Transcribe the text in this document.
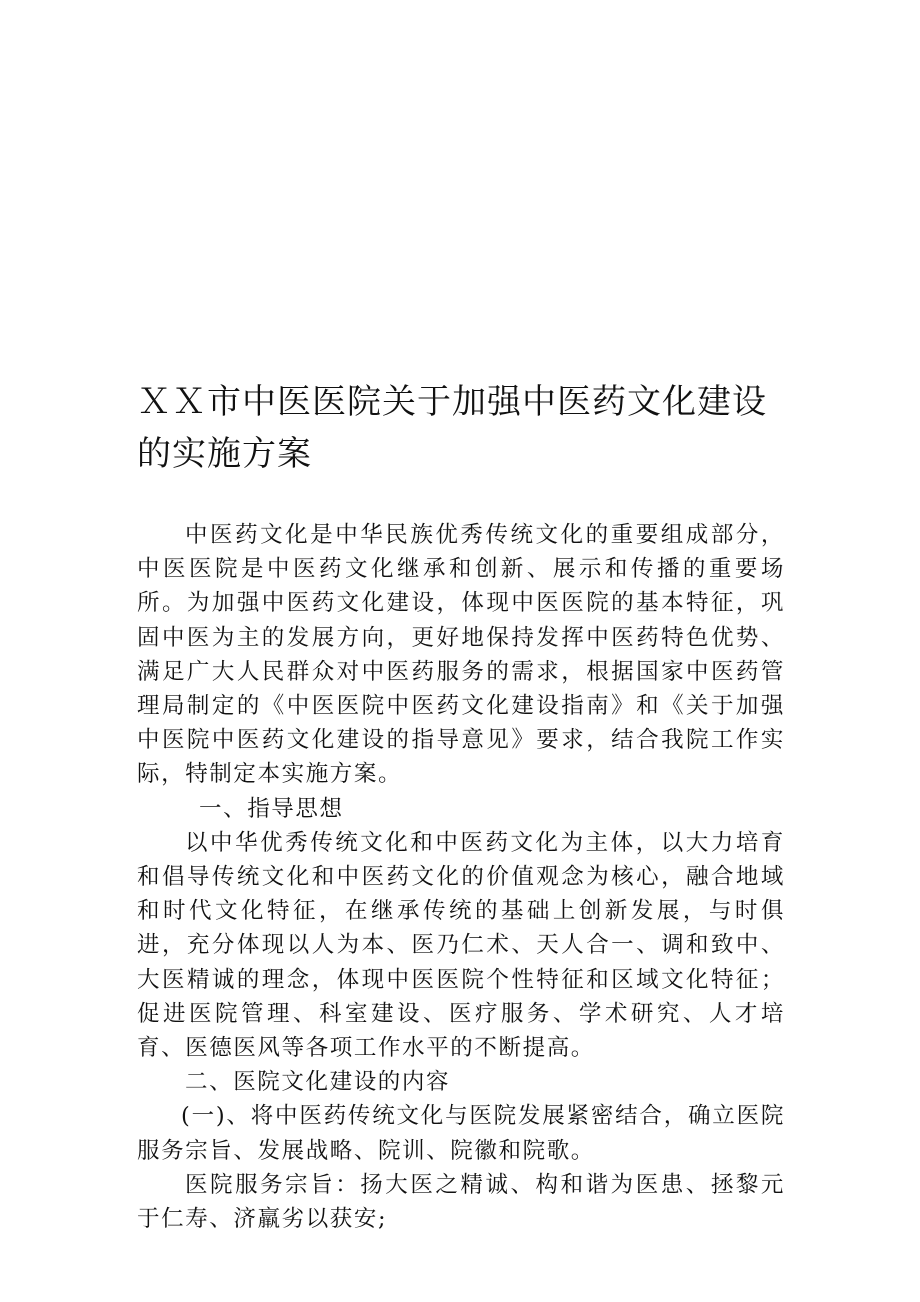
ＸＸ市中医医院关于加强中医药文化建设的实施方案

中医药文化是中华民族优秀传统文化的重要组成部分，中医医院是中医药文化继承和创新、展示和传播的重要场所。为加强中医药文化建设，体现中医医院的基本特征，巩固中医为主的发展方向，更好地保持发挥中医药特色优势、满足广大人民群众对中医药服务的需求，根据国家中医药管理局制定的《中医医院中医药文化建设指南》和《关于加强中医院中医药文化建设的指导意见》要求，结合我院工作实际，特制定本实施方案。

一、指导思想

以中华优秀传统文化和中医药文化为主体，以大力培育和倡导传统文化和中医药文化的价值观念为核心，融合地域和时代文化特征，在继承传统的基础上创新发展，与时俱进，充分体现以人为本、医乃仁术、天人合一、调和致中、大医精诚的理念，体现中医医院个性特征和区域文化特征；促进医院管理、科室建设、医疗服务、学术研究、人才培育、医德医风等各项工作水平的不断提高。

二、医院文化建设的内容

(一)、将中医药传统文化与医院发展紧密结合，确立医院服务宗旨、发展战略、院训、院徽和院歌。

医院服务宗旨：扬大医之精诚、构和谐为医患、拯黎元于仁寿、济羸劣以获安;
